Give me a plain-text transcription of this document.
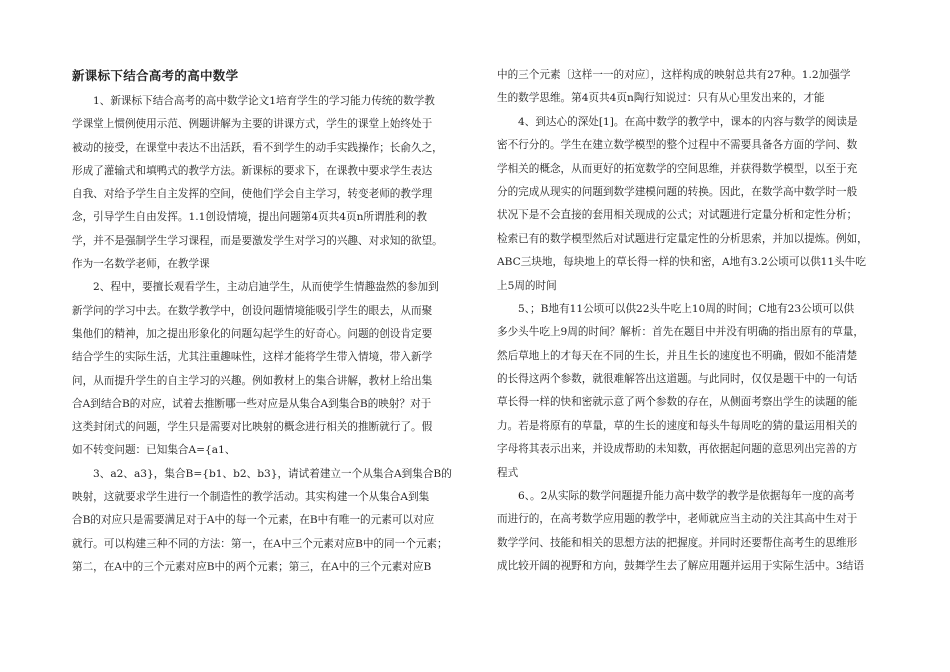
新课标下结合高考的高中数学
1、新课标下结合高考的高中数学论文1培育学生的学习能力传统的数学教
学课堂上惯例使用示范、例题讲解为主要的讲课方式，学生的课堂上始终处于
被动的接受，在课堂中表达不出活跃，看不到学生的动手实践操作；长俞久之，
形成了灌输式和填鸭式的教学方法。新课标的要求下，在课教中要求学生表达
自我、对给予学生自主发挥的空间，使他们学会自主学习，转变老师的教学理
念，引导学生自由发挥。1.1创设情境，提出问题第4页共4页n所谓胜利的教
学，并不是强制学生学习课程，而是要激发学生对学习的兴趣、对求知的欲望。
作为一名数学老师，在教学课
2、程中，要擅长观看学生，主动启迪学生，从而使学生情趣盎然的参加到
新学问的学习中去。在数学教学中，创设问题情境能吸引学生的眼去，从而聚
集他们的精神，加之提出形象化的问题勾起学生的好奇心。问题的创设肯定要
结合学生的实际生活，尤其注重趣味性，这样才能将学生带入情境，带入新学
问，从而提升学生的自主学习的兴趣。例如教材上的集合讲解，教材上给出集
合A到结合B的对应，试着去推断哪一些对应是从集合A到集合B的映射？对于
这类封闭式的问题，学生只是需要对比映射的概念进行相关的推断就行了。假
如不转变问题：已知集合A={a1、
3、a2、a3}，集合B={b1、b2、b3}，请试着建立一个从集合A到集合B的
映射，这就要求学生进行一个制造性的教学活动。其实构建一个从集合A到集
合B的对应只是需要满足对于A中的每一个元素，在B中有唯一的元素可以对应
就行。可以构建三种不同的方法：第一，在A中三个元素对应B中的同一个元素；
第二，在A中的三个元素对应B中的两个元素；第三，在A中的三个元素对应B
中的三个元素〔这样一一的对应〕，这样构成的映射总共有27种。1.2加强学
生的数学思维。第4页共4页n陶行知说过：只有从心里发出来的，才能
4、到达心的深处[1]。在高中数学的教学中，课本的内容与数学的阅读是
密不行分的。学生在建立数学模型的整个过程中不需要具备各方面的学问、数
学相关的概念，从而更好的拓宽数学的空间思维，并获得数学模型，以至于充
分的完成从现实的问题到数学建模问题的转换。因此，在数学高中数学时一般
状况下是不会直接的套用相关现成的公式；对试题进行定量分析和定性分析；
检索已有的数学模型然后对试题进行定量定性的分析思索，并加以提炼。例如，
ABC三块地，每块地上的草长得一样的快和密，A地有3.2公顷可以供11头牛吃
上5周的时间
5、；B地有11公顷可以供22头牛吃上10周的时间；C地有23公顷可以供
多少头牛吃上9周的时间？解析：首先在题目中并没有明确的指出原有的草量，
然后草地上的才每天在不同的生长，并且生长的速度也不明确，假如不能清楚
的长得这两个参数，就很难解答出这道题。与此同时，仅仅是题干中的一句话
草长得一样的快和密就示意了两个参数的存在，从侧面考察出学生的读题的能
力。若是将原有的草量，草的生长的速度和每头牛每周吃的猜的量运用相关的
字母将其表示出来，并设成帮助的未知数，再依据起问题的意思列出完善的方
程式
6、。2从实际的数学问题提升能力高中数学的教学是依据每年一度的高考
而进行的，在高考数学应用题的教学中，老师就应当主动的关注其高中生对于
数学学问、技能和相关的思想方法的把握度。并同时还要帮住高考生的思维形
成比较开阔的视野和方向，鼓舞学生去了解应用题并运用于实际生活中。3结语
